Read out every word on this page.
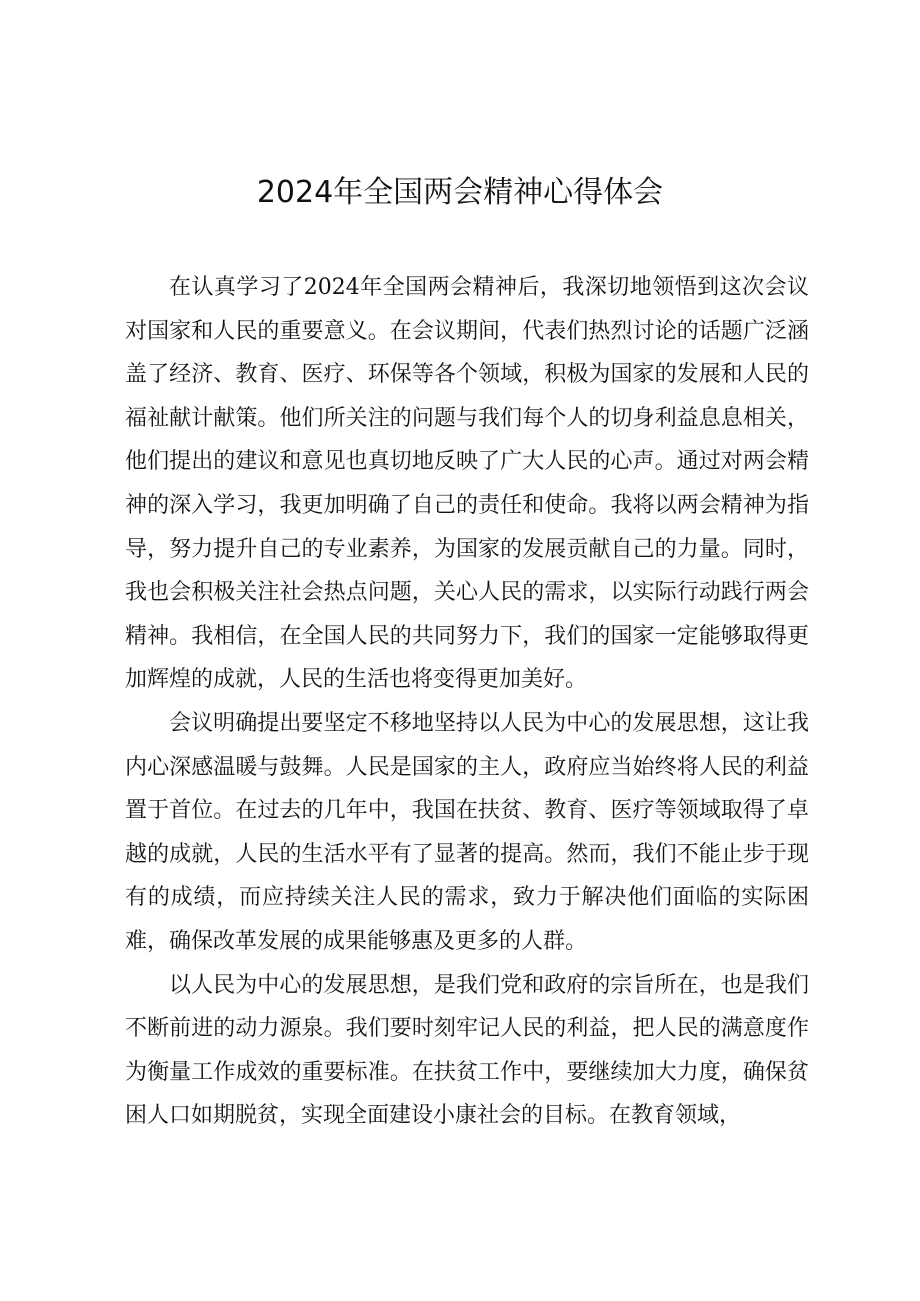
2024年全国两会精神心得体会

在认真学习了2024年全国两会精神后，我深切地领悟到这次会议对国家和人民的重要意义。在会议期间，代表们热烈讨论的话题广泛涵盖了经济、教育、医疗、环保等各个领域，积极为国家的发展和人民的福祉献计献策。他们所关注的问题与我们每个人的切身利益息息相关，他们提出的建议和意见也真切地反映了广大人民的心声。通过对两会精神的深入学习，我更加明确了自己的责任和使命。我将以两会精神为指导，努力提升自己的专业素养，为国家的发展贡献自己的力量。同时，我也会积极关注社会热点问题，关心人民的需求，以实际行动践行两会精神。我相信，在全国人民的共同努力下，我们的国家一定能够取得更加辉煌的成就，人民的生活也将变得更加美好。

会议明确提出要坚定不移地坚持以人民为中心的发展思想，这让我内心深感温暖与鼓舞。人民是国家的主人，政府应当始终将人民的利益置于首位。在过去的几年中，我国在扶贫、教育、医疗等领域取得了卓越的成就，人民的生活水平有了显著的提高。然而，我们不能止步于现有的成绩，而应持续关注人民的需求，致力于解决他们面临的实际困难，确保改革发展的成果能够惠及更多的人群。

以人民为中心的发展思想，是我们党和政府的宗旨所在，也是我们不断前进的动力源泉。我们要时刻牢记人民的利益，把人民的满意度作为衡量工作成效的重要标准。在扶贫工作中，要继续加大力度，确保贫困人口如期脱贫，实现全面建设小康社会的目标。在教育领域，
